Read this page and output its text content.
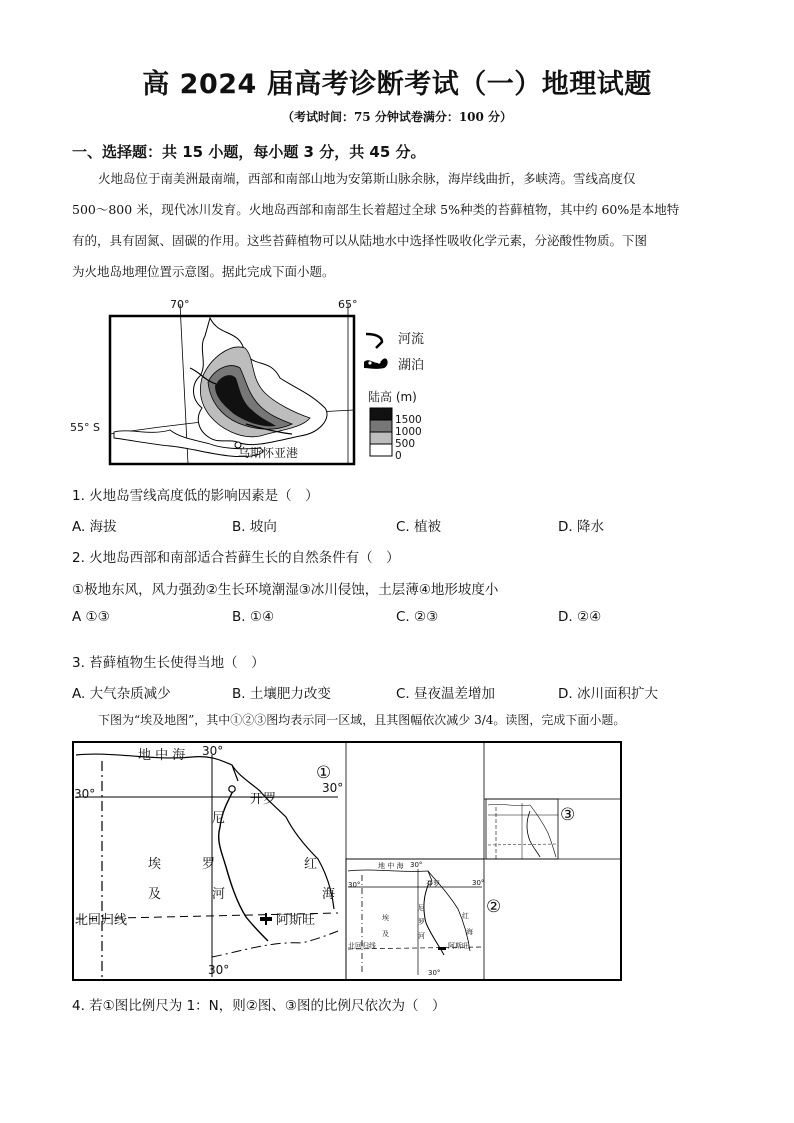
高 2024 届高考诊断考试（一）地理试题
（考试时间：75 分钟试卷满分：100 分）
一、选择题：共 15 小题，每小题 3 分，共 45 分。
火地岛位于南美洲最南端，西部和南部山地为安第斯山脉余脉，海岸线曲折，多峡湾。雪线高度仅
500～800 米，现代冰川发育。火地岛西部和南部生长着超过全球 5%种类的苔藓植物，其中约 60%是本地特
有的，具有固氮、固碳的作用。这些苔藓植物可以从陆地水中选择性吸收化学元素，分泌酸性物质。下图
为火地岛地理位置示意图。据此完成下面小题。
70°	65°
55° S
乌斯怀亚港
河流
湖泊
陆高 (m)
1500
1000
500
0
1. 火地岛雪线高度低的影响因素是（　）
A. 海拔	B. 坡向	C. 植被	D. 降水
2. 火地岛西部和南部适合苔藓生长的自然条件有（　）
①极地东风，风力强劲②生长环境潮湿③冰川侵蚀，土层薄④地形坡度小
A ①③	B. ①④	C. ②③	D. ②④
3. 苔藓植物生长使得当地（　）
A. 大气杂质减少	B. 土壤肥力改变	C. 昼夜温差增加	D. 冰川面积扩大
下图为“埃及地图”，其中①②③图均表示同一区域，且其图幅依次减少 3/4。读图，完成下面小题。
地 中 海 30°
30°	30°
开罗
①
尼
罗
河
埃
及
红
海
北回归线	阿斯旺
30°
地 中 海 30°
30°	30°
开罗
埃
及
尼
罗
河
红
海
北回归线	阿斯旺
30°
②
③
4. 若①图比例尺为 1：N，则②图、③图的比例尺依次为（　）
